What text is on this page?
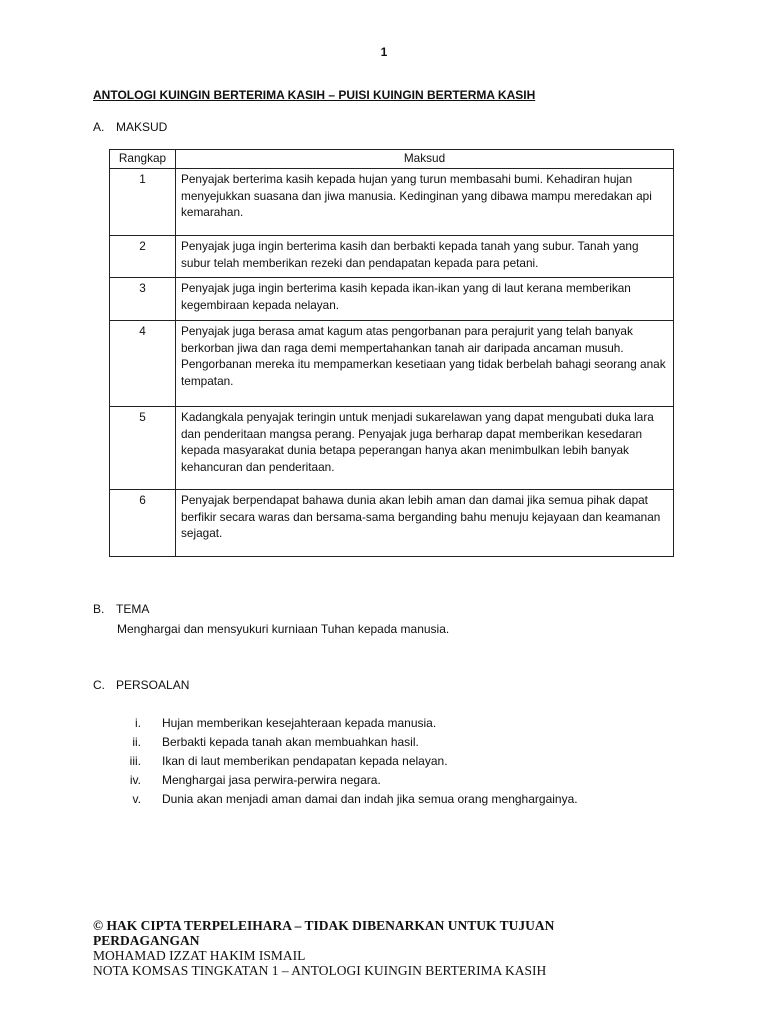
1
ANTOLOGI KUINGIN BERTERIMA KASIH – PUISI KUINGIN BERTERMA KASIH
A. MAKSUD
Rangkap	Maksud
1	Penyajak berterima kasih kepada hujan yang turun membasahi bumi. Kehadiran hujan menyejukkan suasana dan jiwa manusia. Kedinginan yang dibawa mampu meredakan api kemarahan.
2	Penyajak juga ingin berterima kasih dan berbakti kepada tanah yang subur. Tanah yang subur telah memberikan rezeki dan pendapatan kepada para petani.
3	Penyajak juga ingin berterima kasih kepada ikan-ikan yang di laut kerana memberikan kegembiraan kepada nelayan.
4	Penyajak juga berasa amat kagum atas pengorbanan para perajurit yang telah banyak berkorban jiwa dan raga demi mempertahankan tanah air daripada ancaman musuh. Pengorbanan mereka itu mempamerkan kesetiaan yang tidak berbelah bahagi seorang anak tempatan.
5	Kadangkala penyajak teringin untuk menjadi sukarelawan yang dapat mengubati duka lara dan penderitaan mangsa perang. Penyajak juga berharap dapat memberikan kesedaran kepada masyarakat dunia betapa peperangan hanya akan menimbulkan lebih banyak kehancuran dan penderitaan.
6	Penyajak berpendapat bahawa dunia akan lebih aman dan damai jika semua pihak dapat berfikir secara waras dan bersama-sama berganding bahu menuju kejayaan dan keamanan sejagat.
B. TEMA
Menghargai dan mensyukuri kurniaan Tuhan kepada manusia.
C. PERSOALAN
i. Hujan memberikan kesejahteraan kepada manusia.
ii. Berbakti kepada tanah akan membuahkan hasil.
iii. Ikan di laut memberikan pendapatan kepada nelayan.
iv. Menghargai jasa perwira-perwira negara.
v. Dunia akan menjadi aman damai dan indah jika semua orang menghargainya.
© HAK CIPTA TERPELEIHARA – TIDAK DIBENARKAN UNTUK TUJUAN PERDAGANGAN
MOHAMAD IZZAT HAKIM ISMAIL
NOTA KOMSAS TINGKATAN 1 – ANTOLOGI KUINGIN BERTERIMA KASIH
